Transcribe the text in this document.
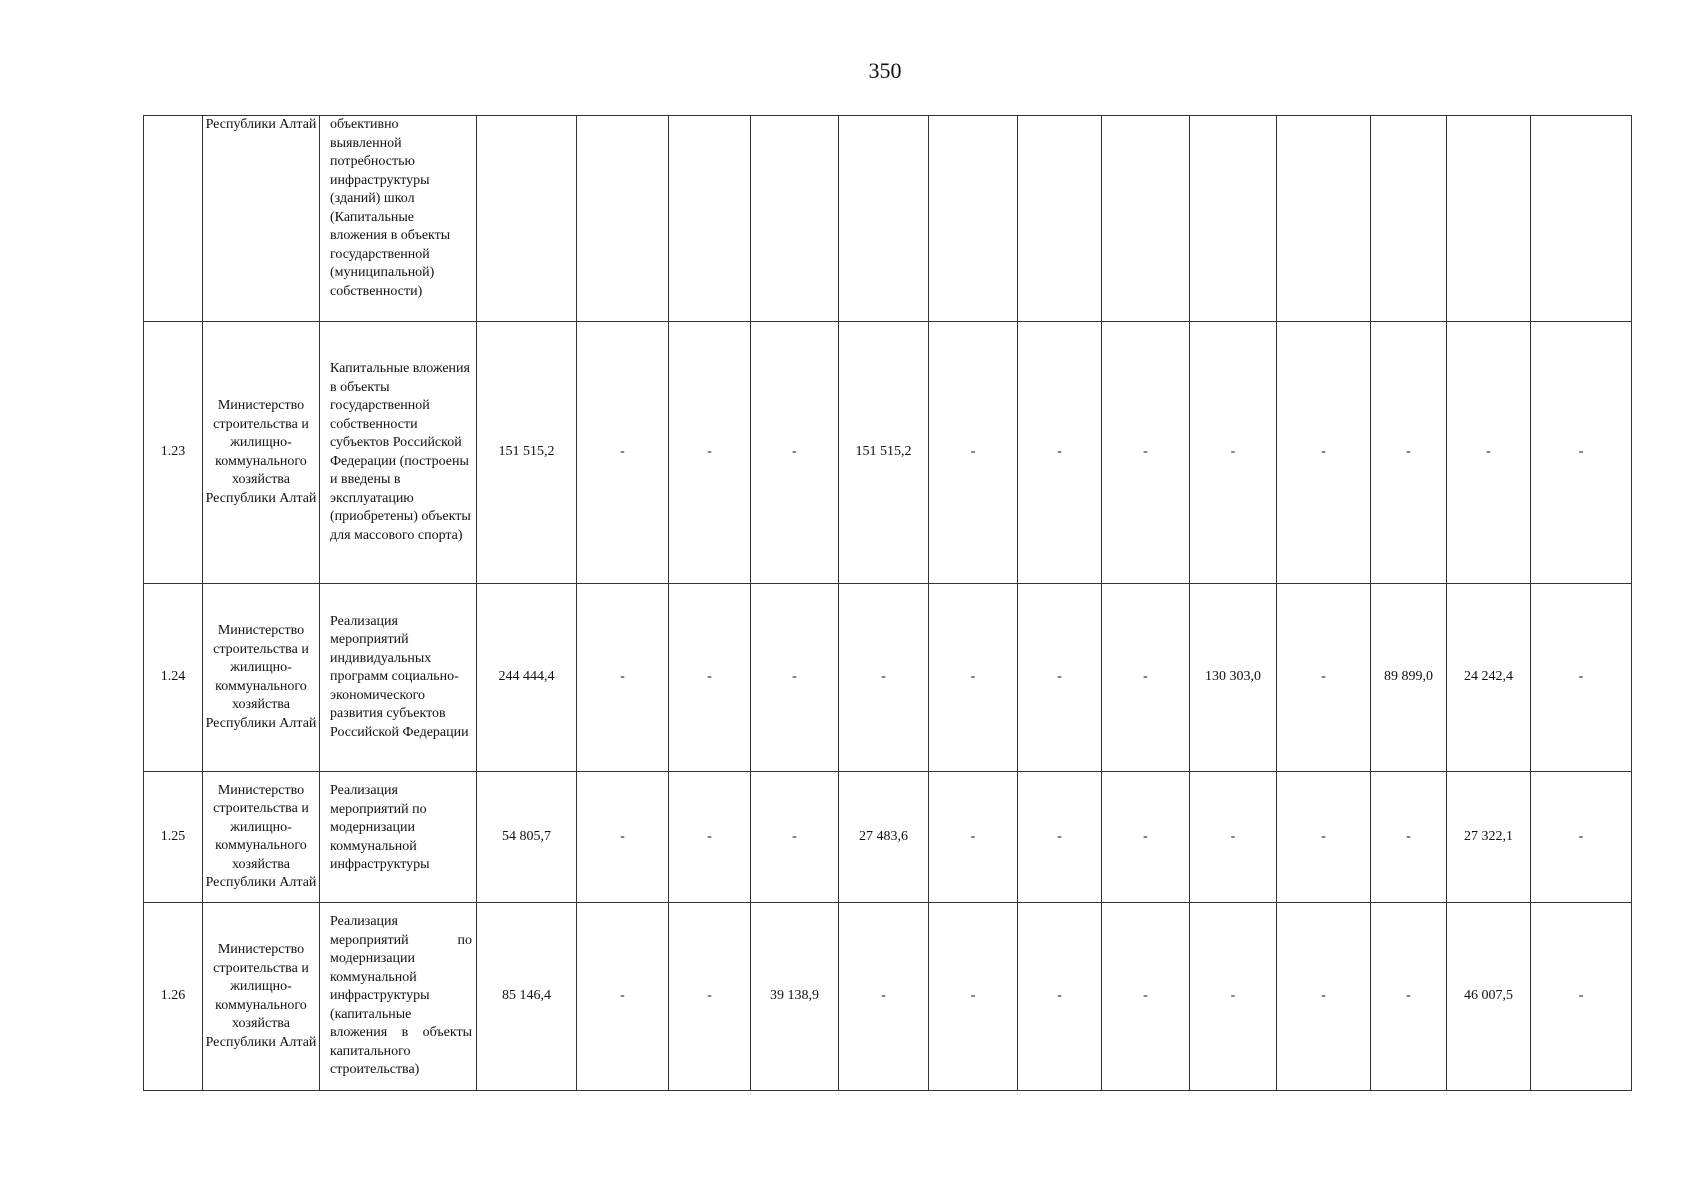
350
	Республики Алтай	объективно выявленной потребностью инфраструктуры (зданий) школ (Капитальные вложения в объекты государственной (муниципальной) собственности)													
1.23	Министерство строительства и жилищно-коммунального хозяйства Республики Алтай	Капитальные вложения в объекты государственной собственности субъектов Российской Федерации (построены и введены в эксплуатацию (приобретены) объекты для массового спорта)	151 515,2	-	-	-	151 515,2	-	-	-	-	-	-	-	-
1.24	Министерство строительства и жилищно-коммунального хозяйства Республики Алтай	Реализация мероприятий индивидуальных программ социально-экономического развития субъектов Российской Федерации	244 444,4	-	-	-	-	-	-	-	130 303,0	-	89 899,0	24 242,4	-
1.25	Министерство строительства и жилищно-коммунального хозяйства Республики Алтай	Реализация мероприятий по модернизации коммунальной инфраструктуры	54 805,7	-	-	-	27 483,6	-	-	-	-	-	-	27 322,1	-
1.26	Министерство строительства и жилищно-коммунального хозяйства Республики Алтай	Реализация мероприятий по модернизации коммунальной инфраструктуры (капитальные вложения в объекты капитального строительства)	85 146,4	-	-	39 138,9	-	-	-	-	-	-	-	46 007,5	-
